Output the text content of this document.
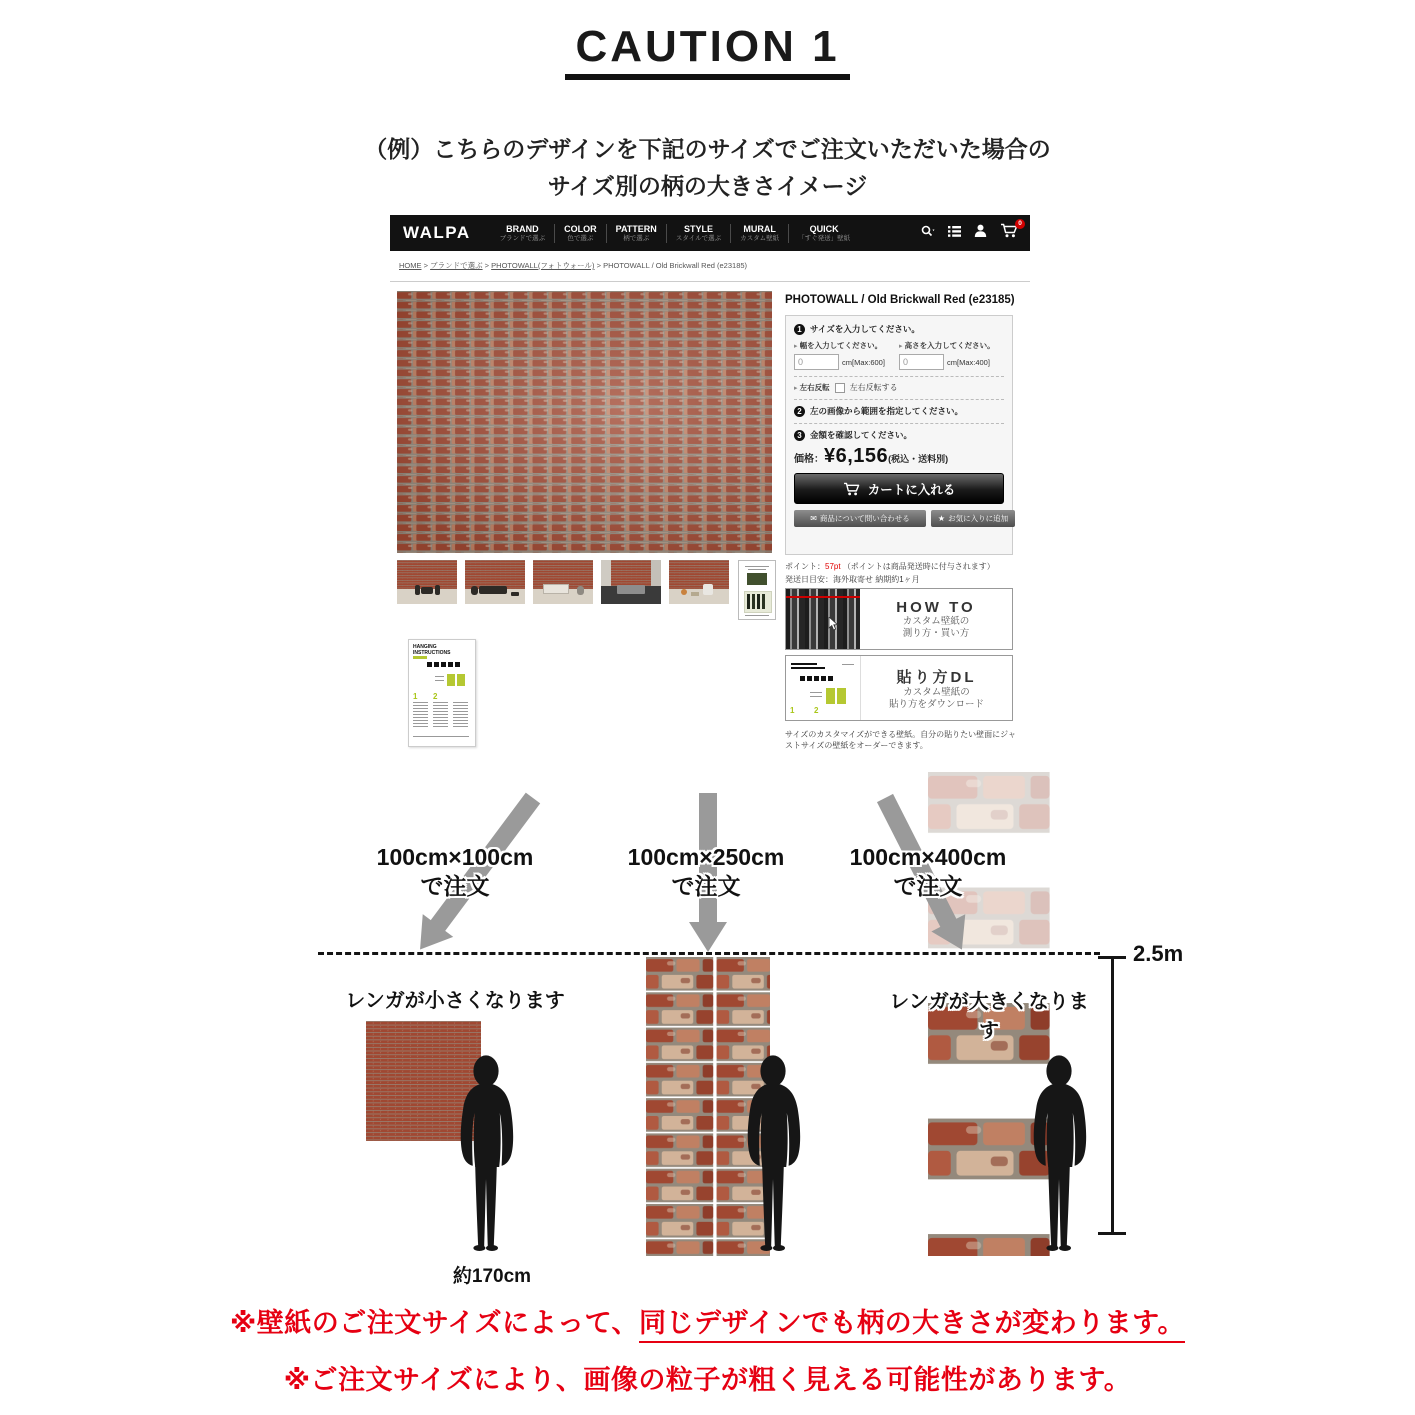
CAUTION 1
（例）こちらのデザインを下記のサイズでご注文いただいた場合の
サイズ別の柄の大きさイメージ
WALPA	BRAND
ブランドで選ぶ
COLOR
色で選ぶ
PATTERN
柄で選ぶ
STYLE
スタイルで選ぶ
MURAL
カスタム壁紙
QUICK
「すぐ発送」壁紙
0
HOME > ブランドで選ぶ > PHOTOWALL(フォトウォール) > PHOTOWALL / Old Brickwall Red (e23185)
HANGING INSTRUCTIONS
1 2
PHOTOWALL / Old Brickwall Red (e23185)
1 サイズを入力してください。
▸ 幅を入力してください。
0	cm[Max:600]
▸ 高さを入力してください。
0	cm[Max:400]
▸ 左右反転	左右反転する
2 左の画像から範囲を指定してください。
3 金額を確認してください。
価格： ¥6,156 (税込・送料別)
カートに入れる
✉ 商品について問い合わせる	★ お気に入りに追加
ポイント：57pt （ポイントは商品発送時に付与されます）
発送日目安：海外取寄せ 納期約1ヶ月
HOW TO
カスタム壁紙の
測り方・買い方
1 2
貼り方DL
カスタム壁紙の
貼り方をダウンロード
サイズのカスタマイズができる壁紙。自分の貼りたい壁面にジャストサイズの壁紙をオーダーできます。
100cm×100cm
で注文
100cm×250cm
で注文
100cm×400cm
で注文
レンガが小さくなります	レンガが大きくなります
2.5m
約170cm
※壁紙のご注文サイズによって、同じデザインでも柄の大きさが変わります。
※ご注文サイズにより、画像の粒子が粗く見える可能性があります。
